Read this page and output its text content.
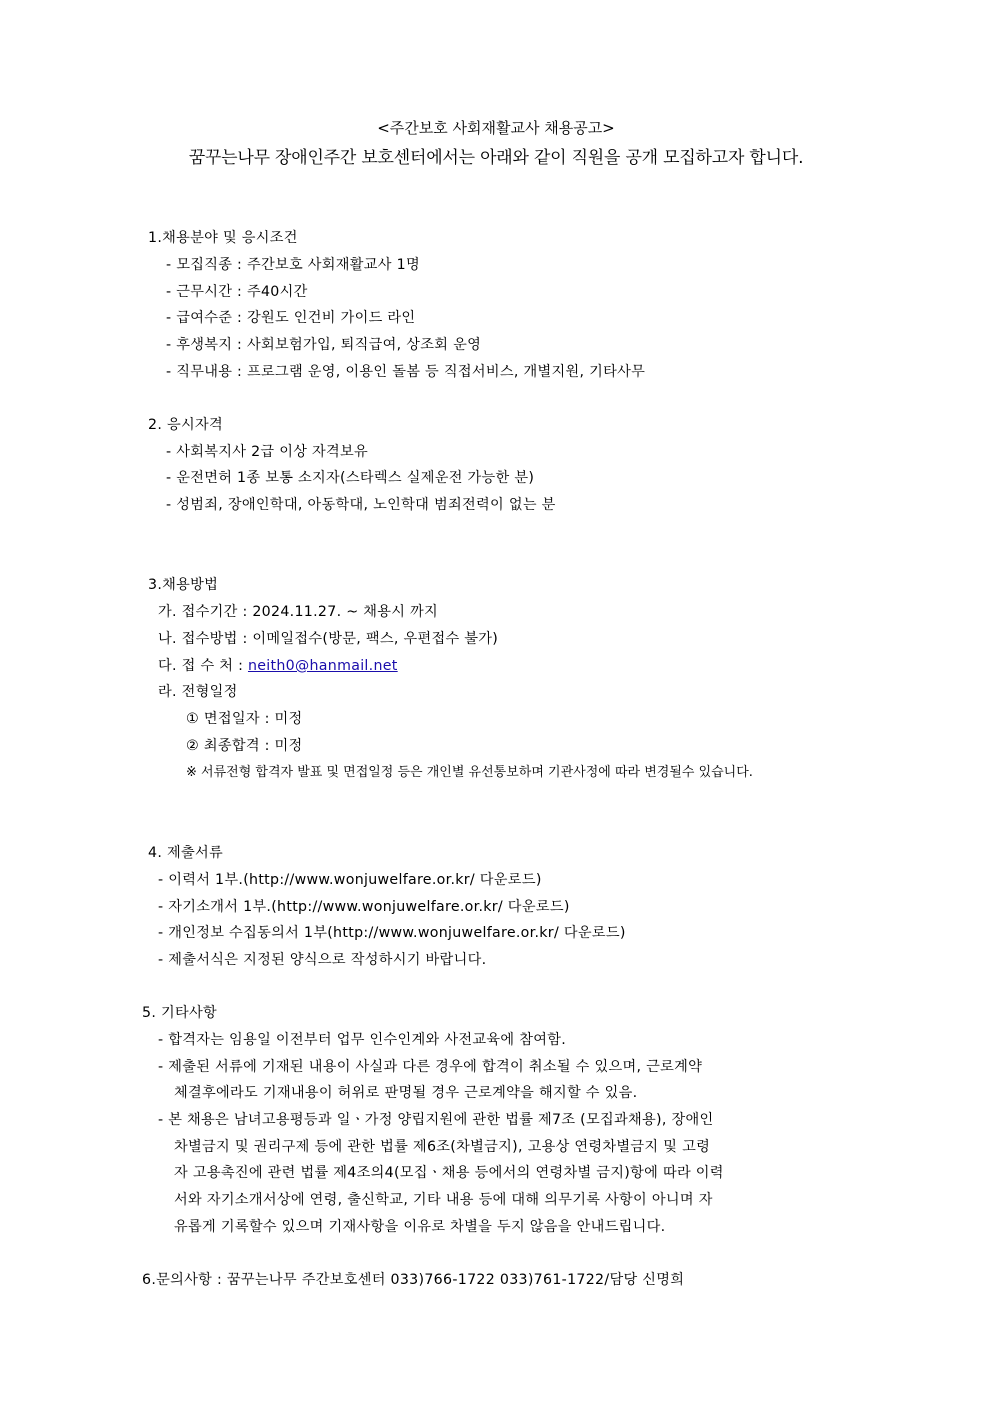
<주간보호 사회재활교사 채용공고>
꿈꾸는나무 장애인주간 보호센터에서는 아래와 같이 직원을 공개 모집하고자 합니다.
1.채용분야 및 응시조건
- 모집직종 : 주간보호 사회재활교사 1명
- 근무시간 : 주40시간
- 급여수준 : 강원도 인건비 가이드 라인
- 후생복지 : 사회보험가입, 퇴직급여, 상조회 운영
- 직무내용 : 프로그램 운영, 이용인 돌봄 등 직접서비스, 개별지원, 기타사무
2. 응시자격
- 사회복지사 2급 이상 자격보유
- 운전면허 1종 보통 소지자(스타렉스 실제운전 가능한 분)
- 성범죄, 장애인학대, 아동학대, 노인학대 범죄전력이 없는 분
3.채용방법
가. 접수기간 : 2024.11.27. ~ 채용시 까지
나. 접수방법 : 이메일접수(방문, 팩스, 우편접수 불가)
다. 접 수 처 : neith0@hanmail.net
라. 전형일정
① 면접일자 : 미정
② 최종합격 : 미정
※ 서류전형 합격자 발표 및 면접일정 등은 개인별 유선통보하며 기관사정에 따라 변경될수 있습니다.
4. 제출서류
- 이력서 1부.(http://www.wonjuwelfare.or.kr/ 다운로드)
- 자기소개서 1부.(http://www.wonjuwelfare.or.kr/ 다운로드)
- 개인정보 수집동의서 1부(http://www.wonjuwelfare.or.kr/ 다운로드)
- 제출서식은 지정된 양식으로 작성하시기 바랍니다.
5. 기타사항
- 합격자는 임용일 이전부터 업무 인수인계와 사전교육에 참여함.
- 제출된 서류에 기재된 내용이 사실과 다른 경우에 합격이 취소될 수 있으며, 근로계약
체결후에라도 기재내용이 허위로 판명될 경우 근로계약을 해지할 수 있음.
- 본 채용은 남녀고용평등과 일ㆍ가정 양립지원에 관한 법률 제7조 (모집과채용), 장애인
차별금지 및 권리구제 등에 관한 법률 제6조(차별금지), 고용상 연령차별금지 및 고령
자 고용촉진에 관련 법률 제4조의4(모집ㆍ채용 등에서의 연령차별 금지)항에 따라 이력
서와 자기소개서상에 연령, 출신학교, 기타 내용 등에 대해 의무기록 사항이 아니며 자
유롭게 기록할수 있으며 기재사항을 이유로 차별을 두지 않음을 안내드립니다.
6.문의사항 : 꿈꾸는나무 주간보호센터 033)766-1722 033)761-1722/담당 신명희
